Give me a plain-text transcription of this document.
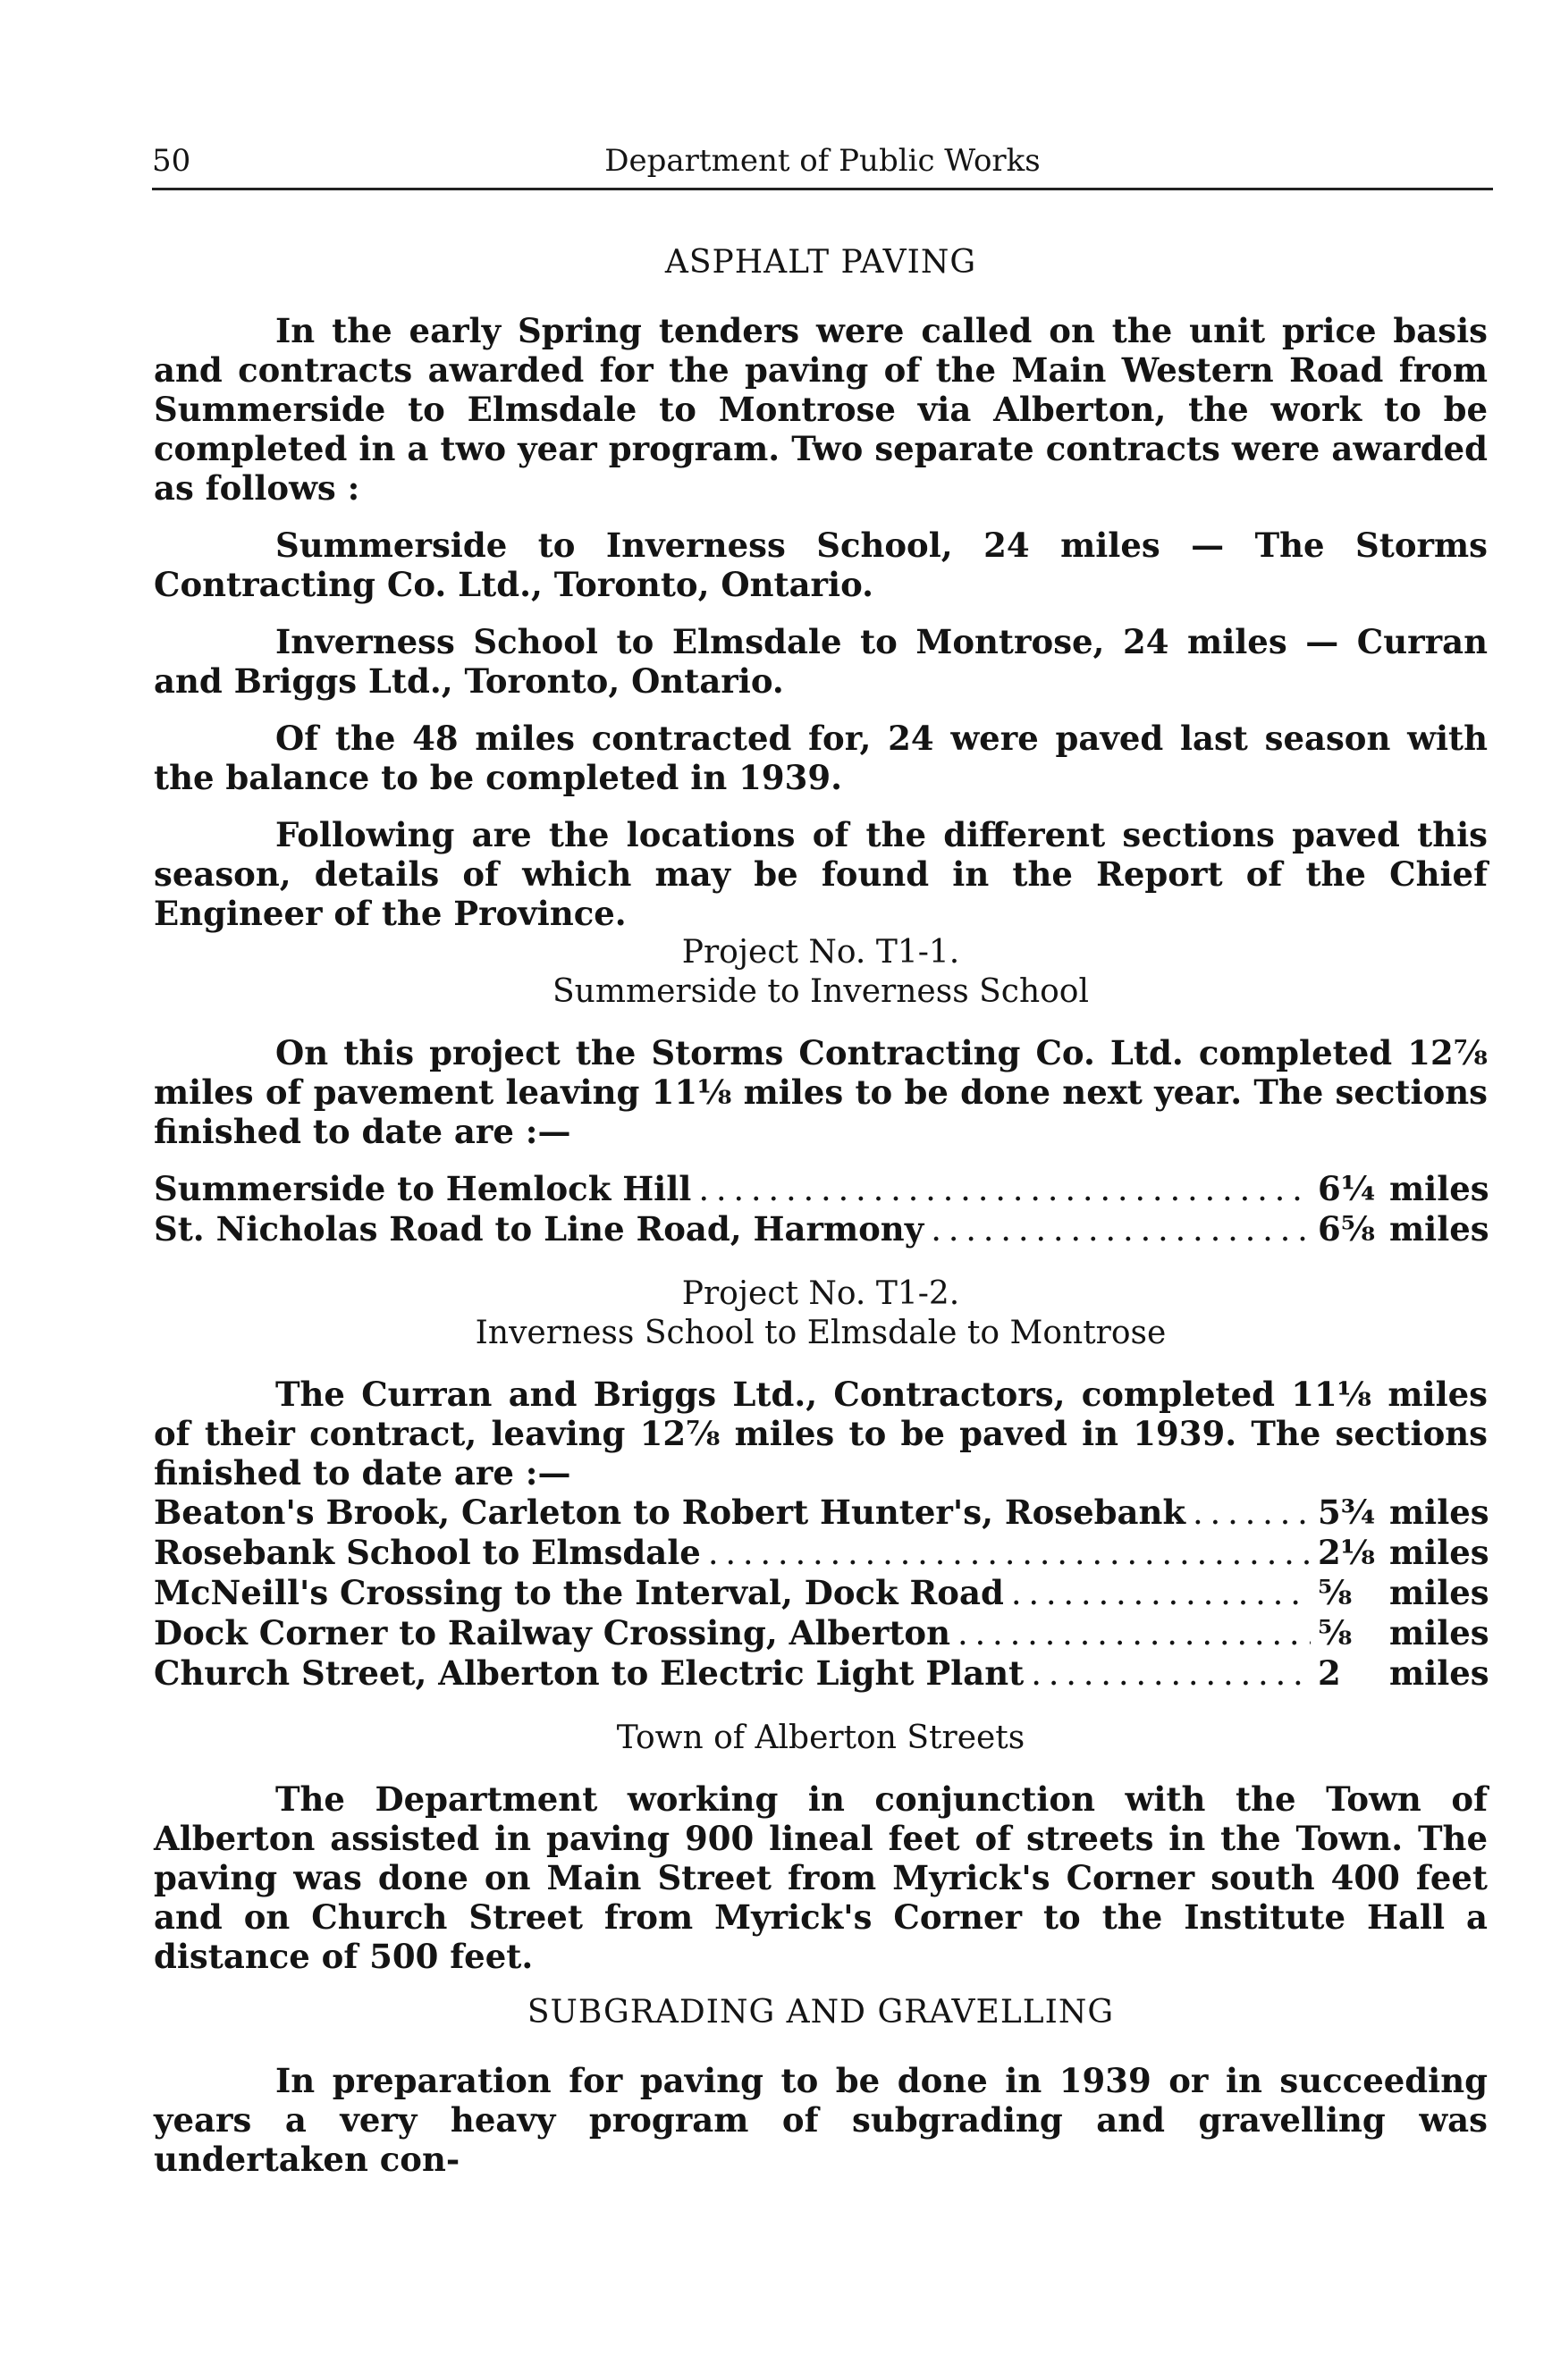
50	Department of Public Works
ASPHALT PAVING

In the early Spring tenders were called on the unit price basis and contracts awarded for the paving of the Main Western Road from Summerside to Elmsdale to Montrose via Alberton, the work to be completed in a two year program. Two separate contracts were awarded as follows :

Summerside to Inverness School, 24 miles — The Storms Contracting Co. Ltd., Toronto, Ontario.

Inverness School to Elmsdale to Montrose, 24 miles — Curran and Briggs Ltd., Toronto, Ontario.

Of the 48 miles contracted for, 24 were paved last season with the balance to be completed in 1939.

Following are the locations of the different sections paved this season, details of which may be found in the Report of the Chief Engineer of the Province.

Project No. T1-1.
Summerside to Inverness School

On this project the Storms Contracting Co. Ltd. completed 12⅞ miles of pavement leaving 11⅛ miles to be done next year. The sections finished to date are :—

Summerside to Hemlock Hill . . .	6¼ miles
St. Nicholas Road to Line Road, Harmony . . .	6⅝ miles
Project No. T1-2.
Inverness School to Elmsdale to Montrose

The Curran and Briggs Ltd., Contractors, completed 11⅛ miles of their contract, leaving 12⅞ miles to be paved in 1939. The sections finished to date are :—

Beaton's Brook, Carleton to Robert Hunter's, Rosebank . . .	5¾ miles
Rosebank School to Elmsdale . . .	2⅛ miles
McNeill's Crossing to the Interval, Dock Road . . .	⅝	miles
Dock Corner to Railway Crossing, Alberton . . .	⅝	miles
Church Street, Alberton to Electric Light Plant . . .	2	miles
Town of Alberton Streets

The Department working in conjunction with the Town of Alberton assisted in paving 900 lineal feet of streets in the Town. The paving was done on Main Street from Myrick's Corner south 400 feet and on Church Street from Myrick's Corner to the Institute Hall a distance of 500 feet.

SUBGRADING AND GRAVELLING

In preparation for paving to be done in 1939 or in succeeding years a very heavy program of subgrading and gravelling was undertaken con-
